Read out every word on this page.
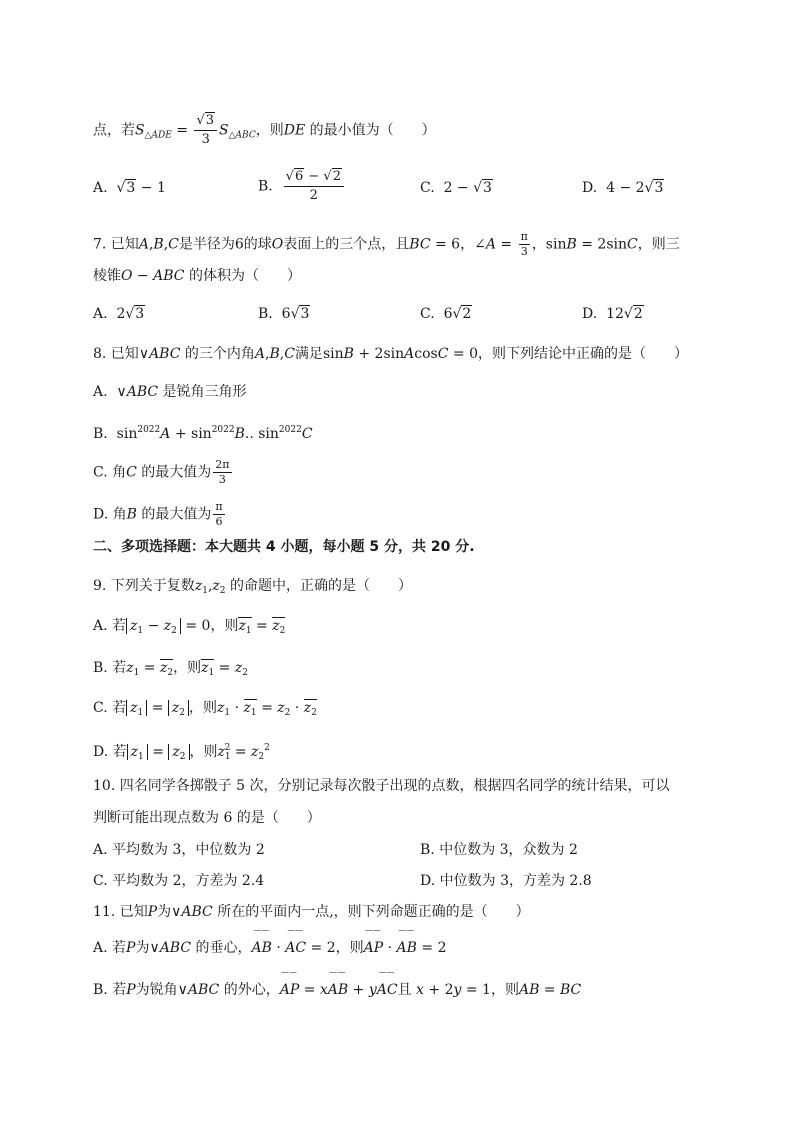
点，若$S_{\triangle ADE} = \frac{√3}{3} S_{\triangle ABC}$，则DE 的最小值为（　　）
A. √3 − 1	B. $\frac{√6 - √2}{2}$	C.  2 − √3	D.  4 − 2√3
7. 已知A,B,C是半径为6的球O表面上的三个点，且BC = 6，∠A = $\frac{\pi}{3}$ ，sinB = 2sinC，则三
棱锥O − ABC 的体积为（　　）
A.  2√3	B.  6√3	C.  6√2	D.  12√2
8. 已知∨ABC 的三个内角A,B,C满足sinB + 2sinAcosC = 0，则下列结论中正确的是（　　）
A.  ∨ABC 是锐角三角形
B.  $\sin^{2022}A + \sin^{2022}B$.. $\sin^{2022}C$
C. 角C 的最大值为 $\frac{2\pi}{3}$
D. 角B 的最大值为 $\frac{\pi}{6}$
二、多项选择题：本大题共 4 小题，每小题 5 分，共 20 分.
9. 下列关于复数$z_1,z_2$ 的命题中，正确的是（　　）
A. 若 $z_1 - z_2 = 0$，则$z_1 = z_2$
B. 若$z_1 = z_2$，则$z_1 = z_2$
C. 若 $z_1 = z_2$ ，则$z_1 \cdot z_1 = z_2 \cdot z_2$
D. 若 $z_1 = z_2$ ，则$z_1^2 = z_2^2$
10. 四名同学各掷骰子 5 次，分别记录每次骰子出现的点数，根据四名同学的统计结果，可以
判断可能出现点数为 6 的是（　　）
A. 平均数为 3，中位数为 2	B. 中位数为 3，众数为 2
C. 平均数为 2，方差为 2.4	D. 中位数为 3，方差为 2.8
11. 已知P为∨ABC 所在的平面内一点,，则下列命题正确的是（　　）
A. 若P为∨ABC 的垂心，
⎺⎺
AB ·
⎺⎺
AC = 2，则
⎺⎺
AP ·
⎺⎺
AB = 2
B. 若P为锐角∨ABC 的外心，
⎺⎺
AP = x
⎺⎺
AB + y
⎺⎺
AC且 x + 2y = 1，则AB = BC
